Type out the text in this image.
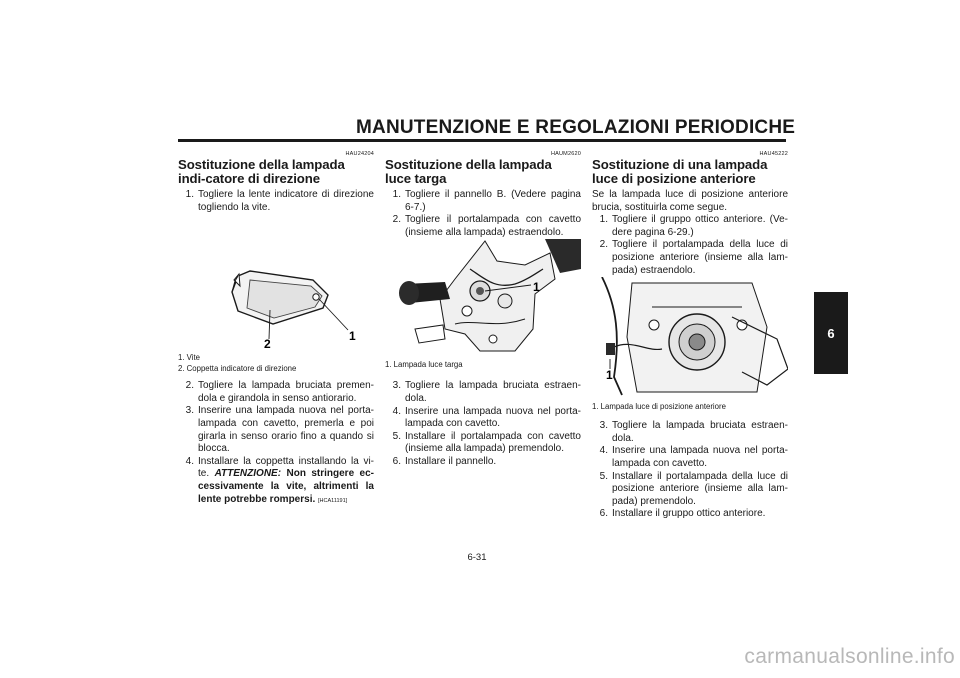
MANUTENZIONE E REGOLAZIONI PERIODICHE
6
HAU24204
Sostituzione della lampada indi-catore di direzione
1. Togliere la lente indicatore di direzione togliendo la vite.
1
2
1. Vite
2. Coppetta indicatore di direzione
2. Togliere la lampada bruciata premen-dola e girandola in senso antiorario.
3. Inserire una lampada nuova nel porta-lampada con cavetto, premerla e poi girarla in senso orario fino a quando si blocca.
4. Installare la coppetta installando la vi-te. ATTENZIONE: Non stringere ec-cessivamente la vite, altrimenti la lente potrebbe rompersi. [HCA11191]
HAUM2620
Sostituzione della lampada luce targa
1. Togliere il pannello B. (Vedere pagina 6-7.)
2. Togliere il portalampada con cavetto (insieme alla lampada) estraendolo.
1
1. Lampada luce targa
3. Togliere la lampada bruciata estraen-dola.
4. Inserire una lampada nuova nel porta-lampada con cavetto.
5. Installare il portalampada con cavetto (insieme alla lampada) premendolo.
6. Installare il pannello.
HAU45222
Sostituzione di una lampada luce di posizione anteriore

Se la lampada luce di posizione anteriore brucia, sostituirla come segue.

1. Togliere il gruppo ottico anteriore. (Ve-dere pagina 6-29.)
2. Togliere il portalampada della luce di posizione anteriore (insieme alla lam-pada) estraendolo.
1
1. Lampada luce di posizione anteriore
3. Togliere la lampada bruciata estraen-dola.
4. Inserire una lampada nuova nel porta-lampada con cavetto.
5. Installare il portalampada della luce di posizione anteriore (insieme alla lam-pada) premendolo.
6. Installare il gruppo ottico anteriore.
6-31
carmanualsonline.info
